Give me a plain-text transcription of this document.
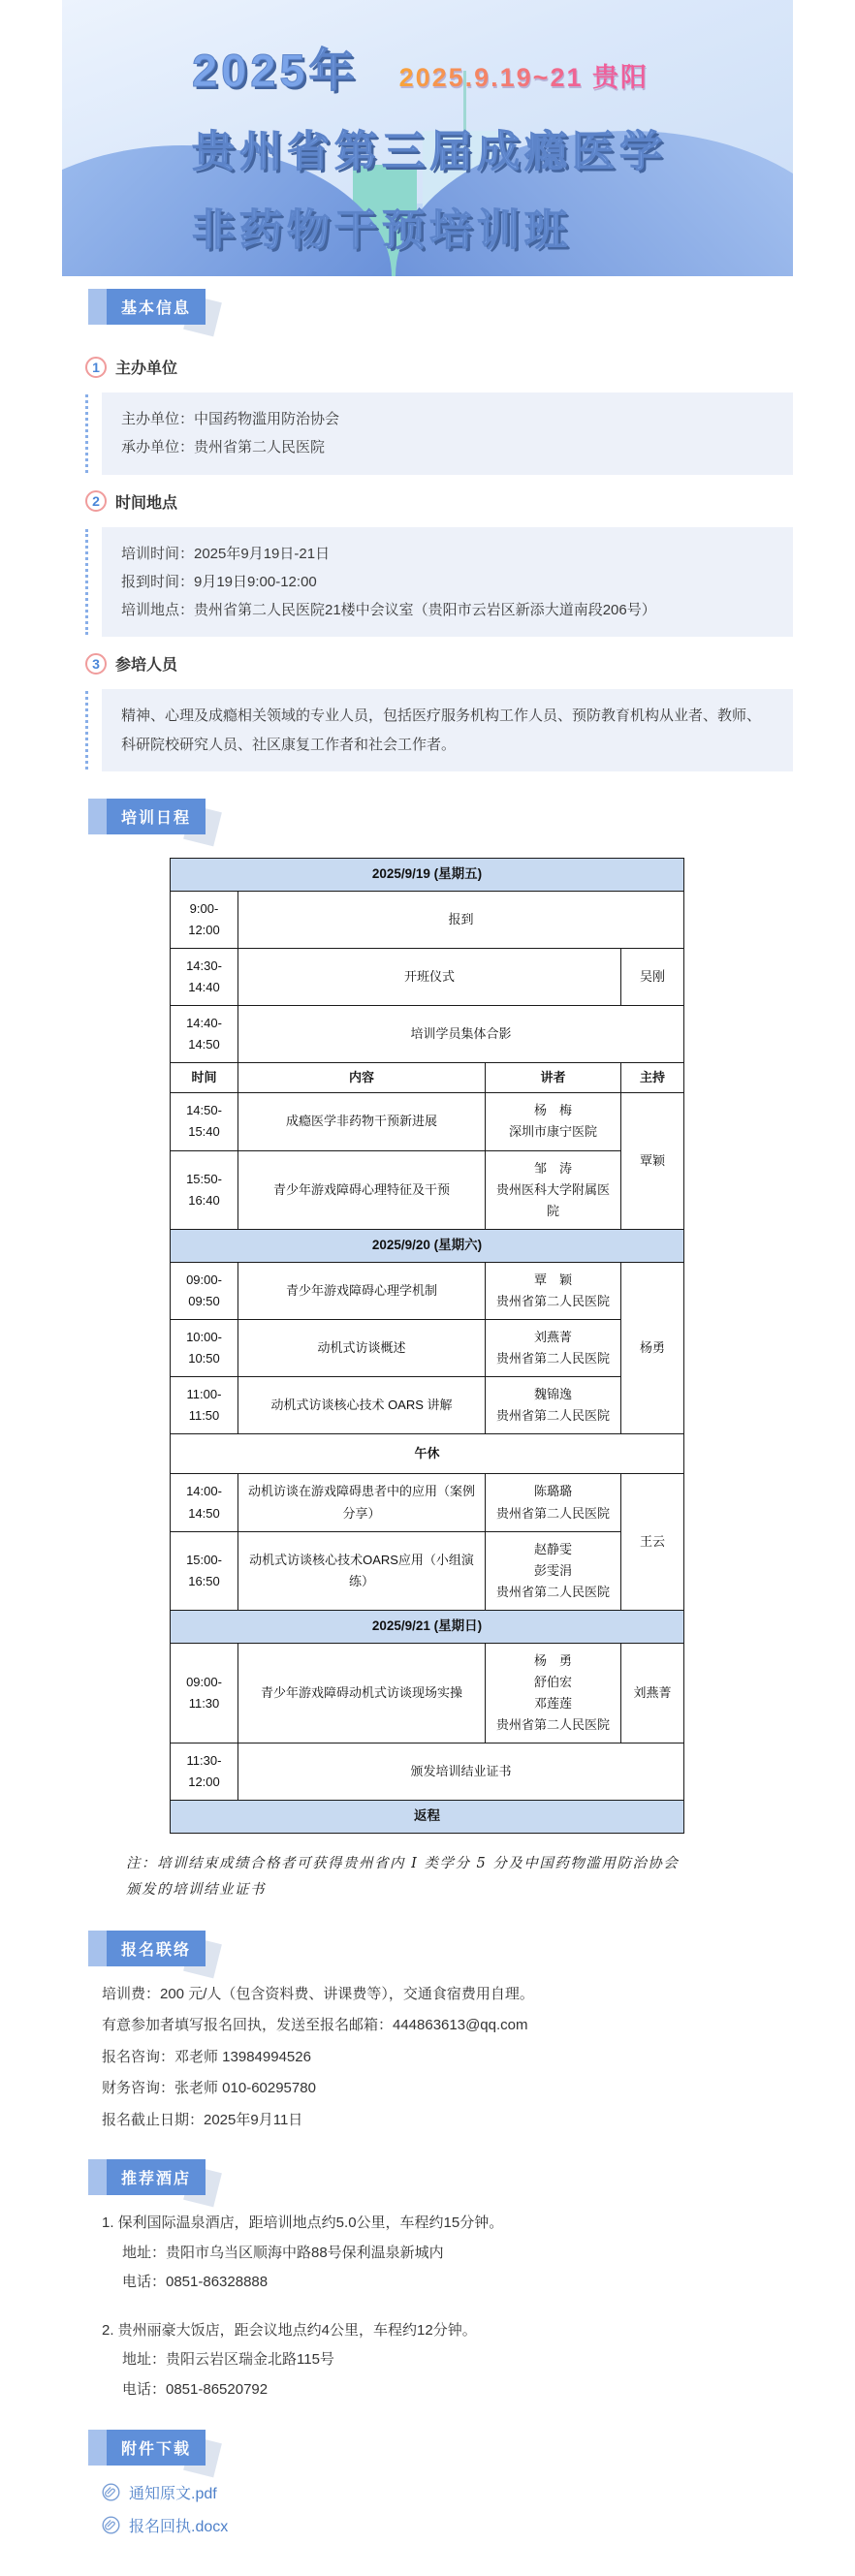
2025年 2025.9.19~21 贵阳
贵州省第三届成瘾医学
非药物干预培训班
基本信息
1	主办单位
主办单位：中国药物滥用防治协会
承办单位：贵州省第二人民医院
2	时间地点
培训时间：2025年9月19日-21日
报到时间：9月19日9:00-12:00
培训地点：贵州省第二人民医院21楼中会议室（贵阳市云岩区新添大道南段206号）
3	参培人员
精神、心理及成瘾相关领域的专业人员，包括医疗服务机构工作人员、预防教育机构从业者、教师、科研院校研究人员、社区康复工作者和社会工作者。
培训日程
2025/9/19 (星期五)			
9:00-12:00	报到		
14:30-14:40	开班仪式		吴刚
14:40-14:50	培训学员集体合影		
时间	内容	讲者	主持
14:50-15:40	成瘾医学非药物干预新进展	杨　梅
深圳市康宁医院	覃颖
15:50-16:40	青少年游戏障碍心理特征及干预	邹　涛
贵州医科大学附属医院	
2025/9/20 (星期六)			
09:00-09:50	青少年游戏障碍心理学机制	覃　颖
贵州省第二人民医院	杨勇
10:00-10:50	动机式访谈概述	刘燕菁
贵州省第二人民医院	
11:00-11:50	动机式访谈核心技术 OARS 讲解	魏锦逸
贵州省第二人民医院	
午休			
14:00-14:50	动机访谈在游戏障碍患者中的应用（案例分享）	陈璐璐
贵州省第二人民医院	王云
15:00-16:50	动机式访谈核心技术OARS应用（小组演练）	赵静雯
彭雯涓
贵州省第二人民医院	
2025/9/21 (星期日)			
09:00-11:30	青少年游戏障碍动机式访谈现场实操	杨　勇
舒伯宏
邓莲莲
贵州省第二人民医院	刘燕菁
11:30-12:00	颁发培训结业证书		
返程			

注：培训结束成绩合格者可获得贵州省内 Ⅰ 类学分 5 分及中国药物滥用防治协会颁发的培训结业证书

报名联络
培训费：200 元/人（包含资料费、讲课费等），交通食宿费用自理。
有意参加者填写报名回执，发送至报名邮箱：444863613@qq.com
报名咨询：邓老师 13984994526
财务咨询：张老师 010-60295780
报名截止日期：2025年9月11日
推荐酒店
1. 保利国际温泉酒店，距培训地点约5.0公里，车程约15分钟。
地址：贵阳市乌当区顺海中路88号保利温泉新城内
电话：0851-86328888
2. 贵州丽豪大饭店，距会议地点约4公里，车程约12分钟。
地址：贵阳云岩区瑞金北路115号
电话：0851-86520792
附件下载
通知原文.pdf
报名回执.docx
